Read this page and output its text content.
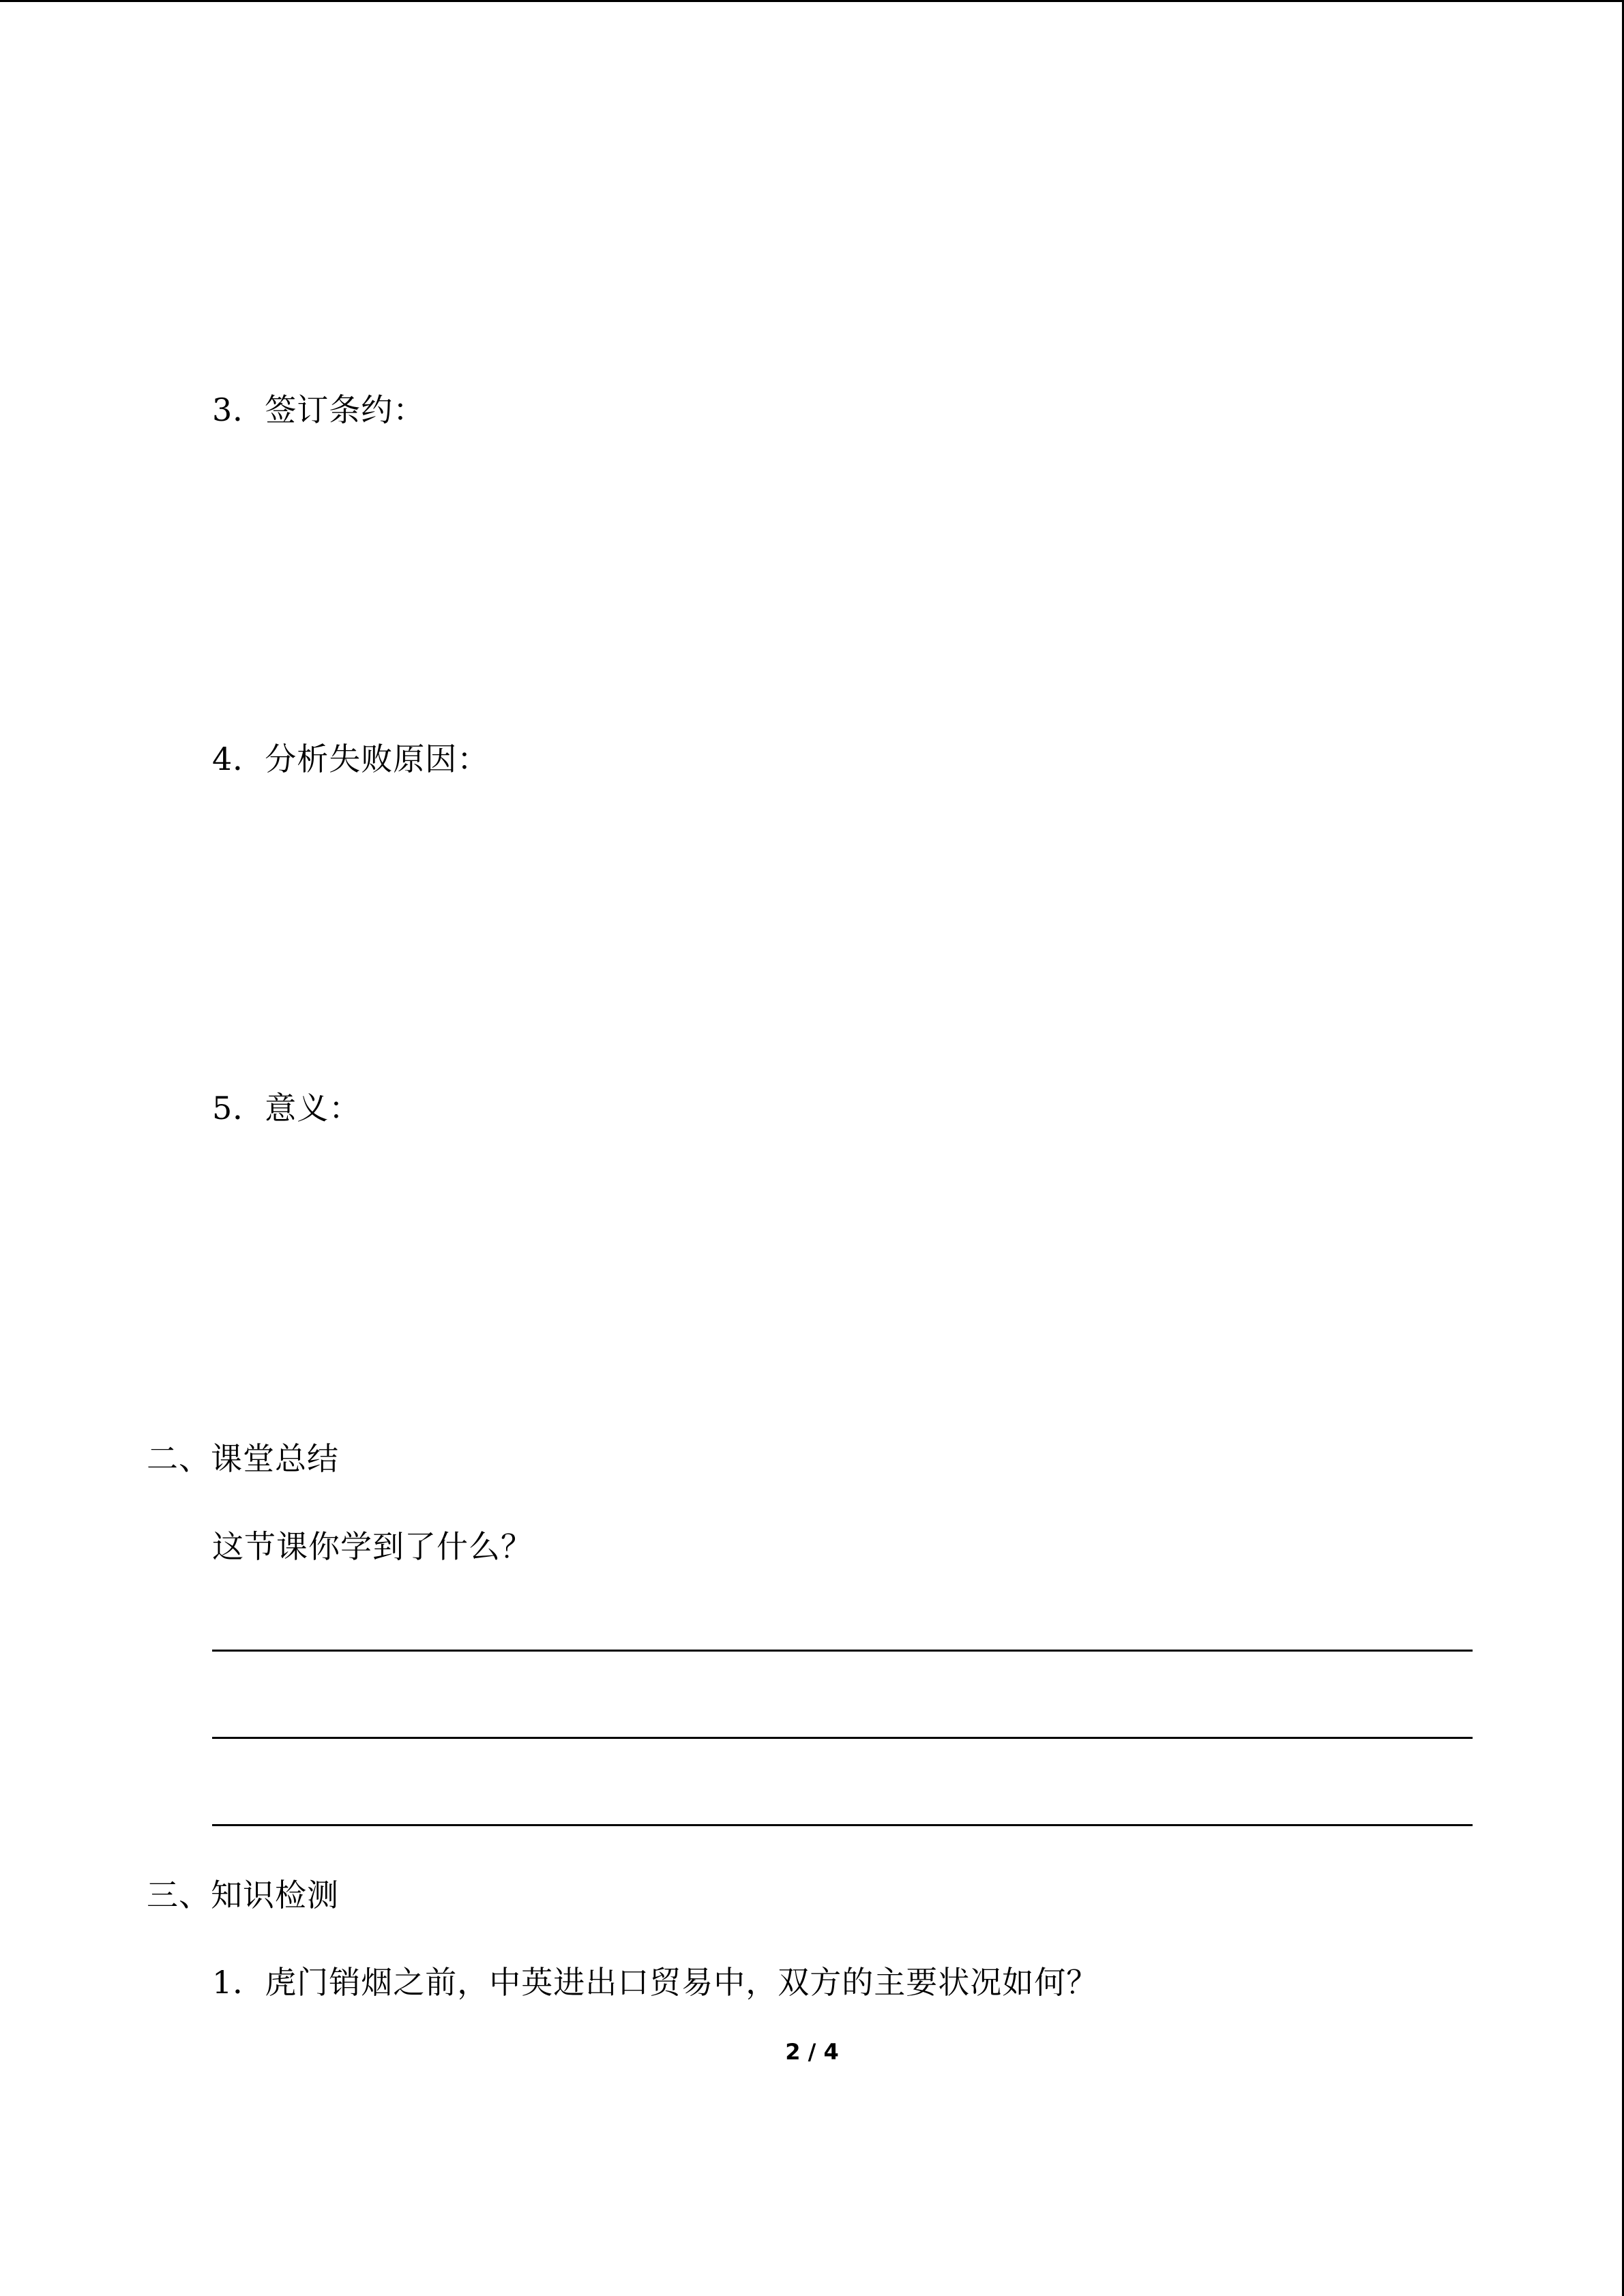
3．签订条约：
4．分析失败原因：
5．意义：
二、课堂总结
这节课你学到了什么？
三、知识检测
1．虎门销烟之前，中英进出口贸易中，双方的主要状况如何？
2 / 4
